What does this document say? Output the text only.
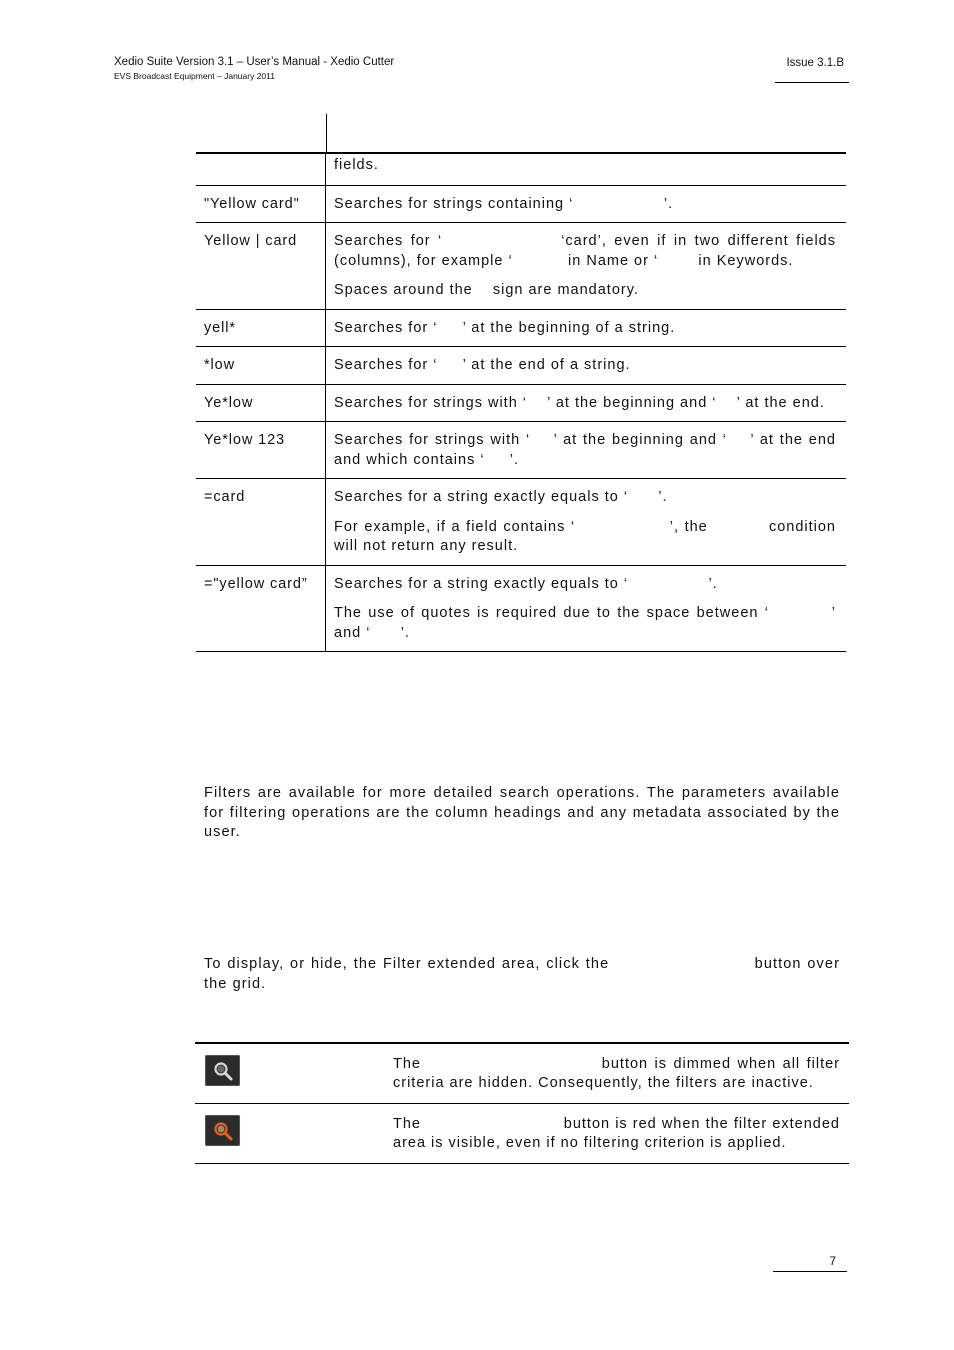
Xedio Suite Version 3.1 – User’s Manual - Xedio Cutter
EVS Broadcast Equipment – January 2011
Issue 3.1.B

fields.

"Yellow card"	Searches for strings containing ‘                  ’.

Yellow | card	Searches for ‘                ‘card’, even if in two different fields (columns), for example ‘           in Name or ‘        in Keywords.

Spaces around the    sign are mandatory.

yell*	Searches for ‘     ’ at the beginning of a string.

*low	Searches for ‘     ’ at the end of a string.

Ye*low	Searches for strings with ‘    ’ at the beginning and ‘    ’ at the end.

Ye*low 123	Searches for strings with ‘    ’ at the beginning and ‘    ’ at the end and which contains ‘     ’.

=card	Searches for a string exactly equals to ‘      ’.

For example, if a field contains ‘                 ’, the           condition will not return any result.

="yellow card”	Searches for a string exactly equals to ‘                ’.

The use of quotes is required due to the space between ‘          ’ and ‘      ’.

Filters are available for more detailed search operations. The parameters available for filtering operations are the column headings and any metadata associated by the user.

To display, or hide, the Filter extended area, click the                         button over the grid.

The                            button is dimmed when all filter criteria are hidden. Consequently, the filters are inactive.
The                            button is red when the filter extended area is visible, even if no filtering criterion is applied.
7
